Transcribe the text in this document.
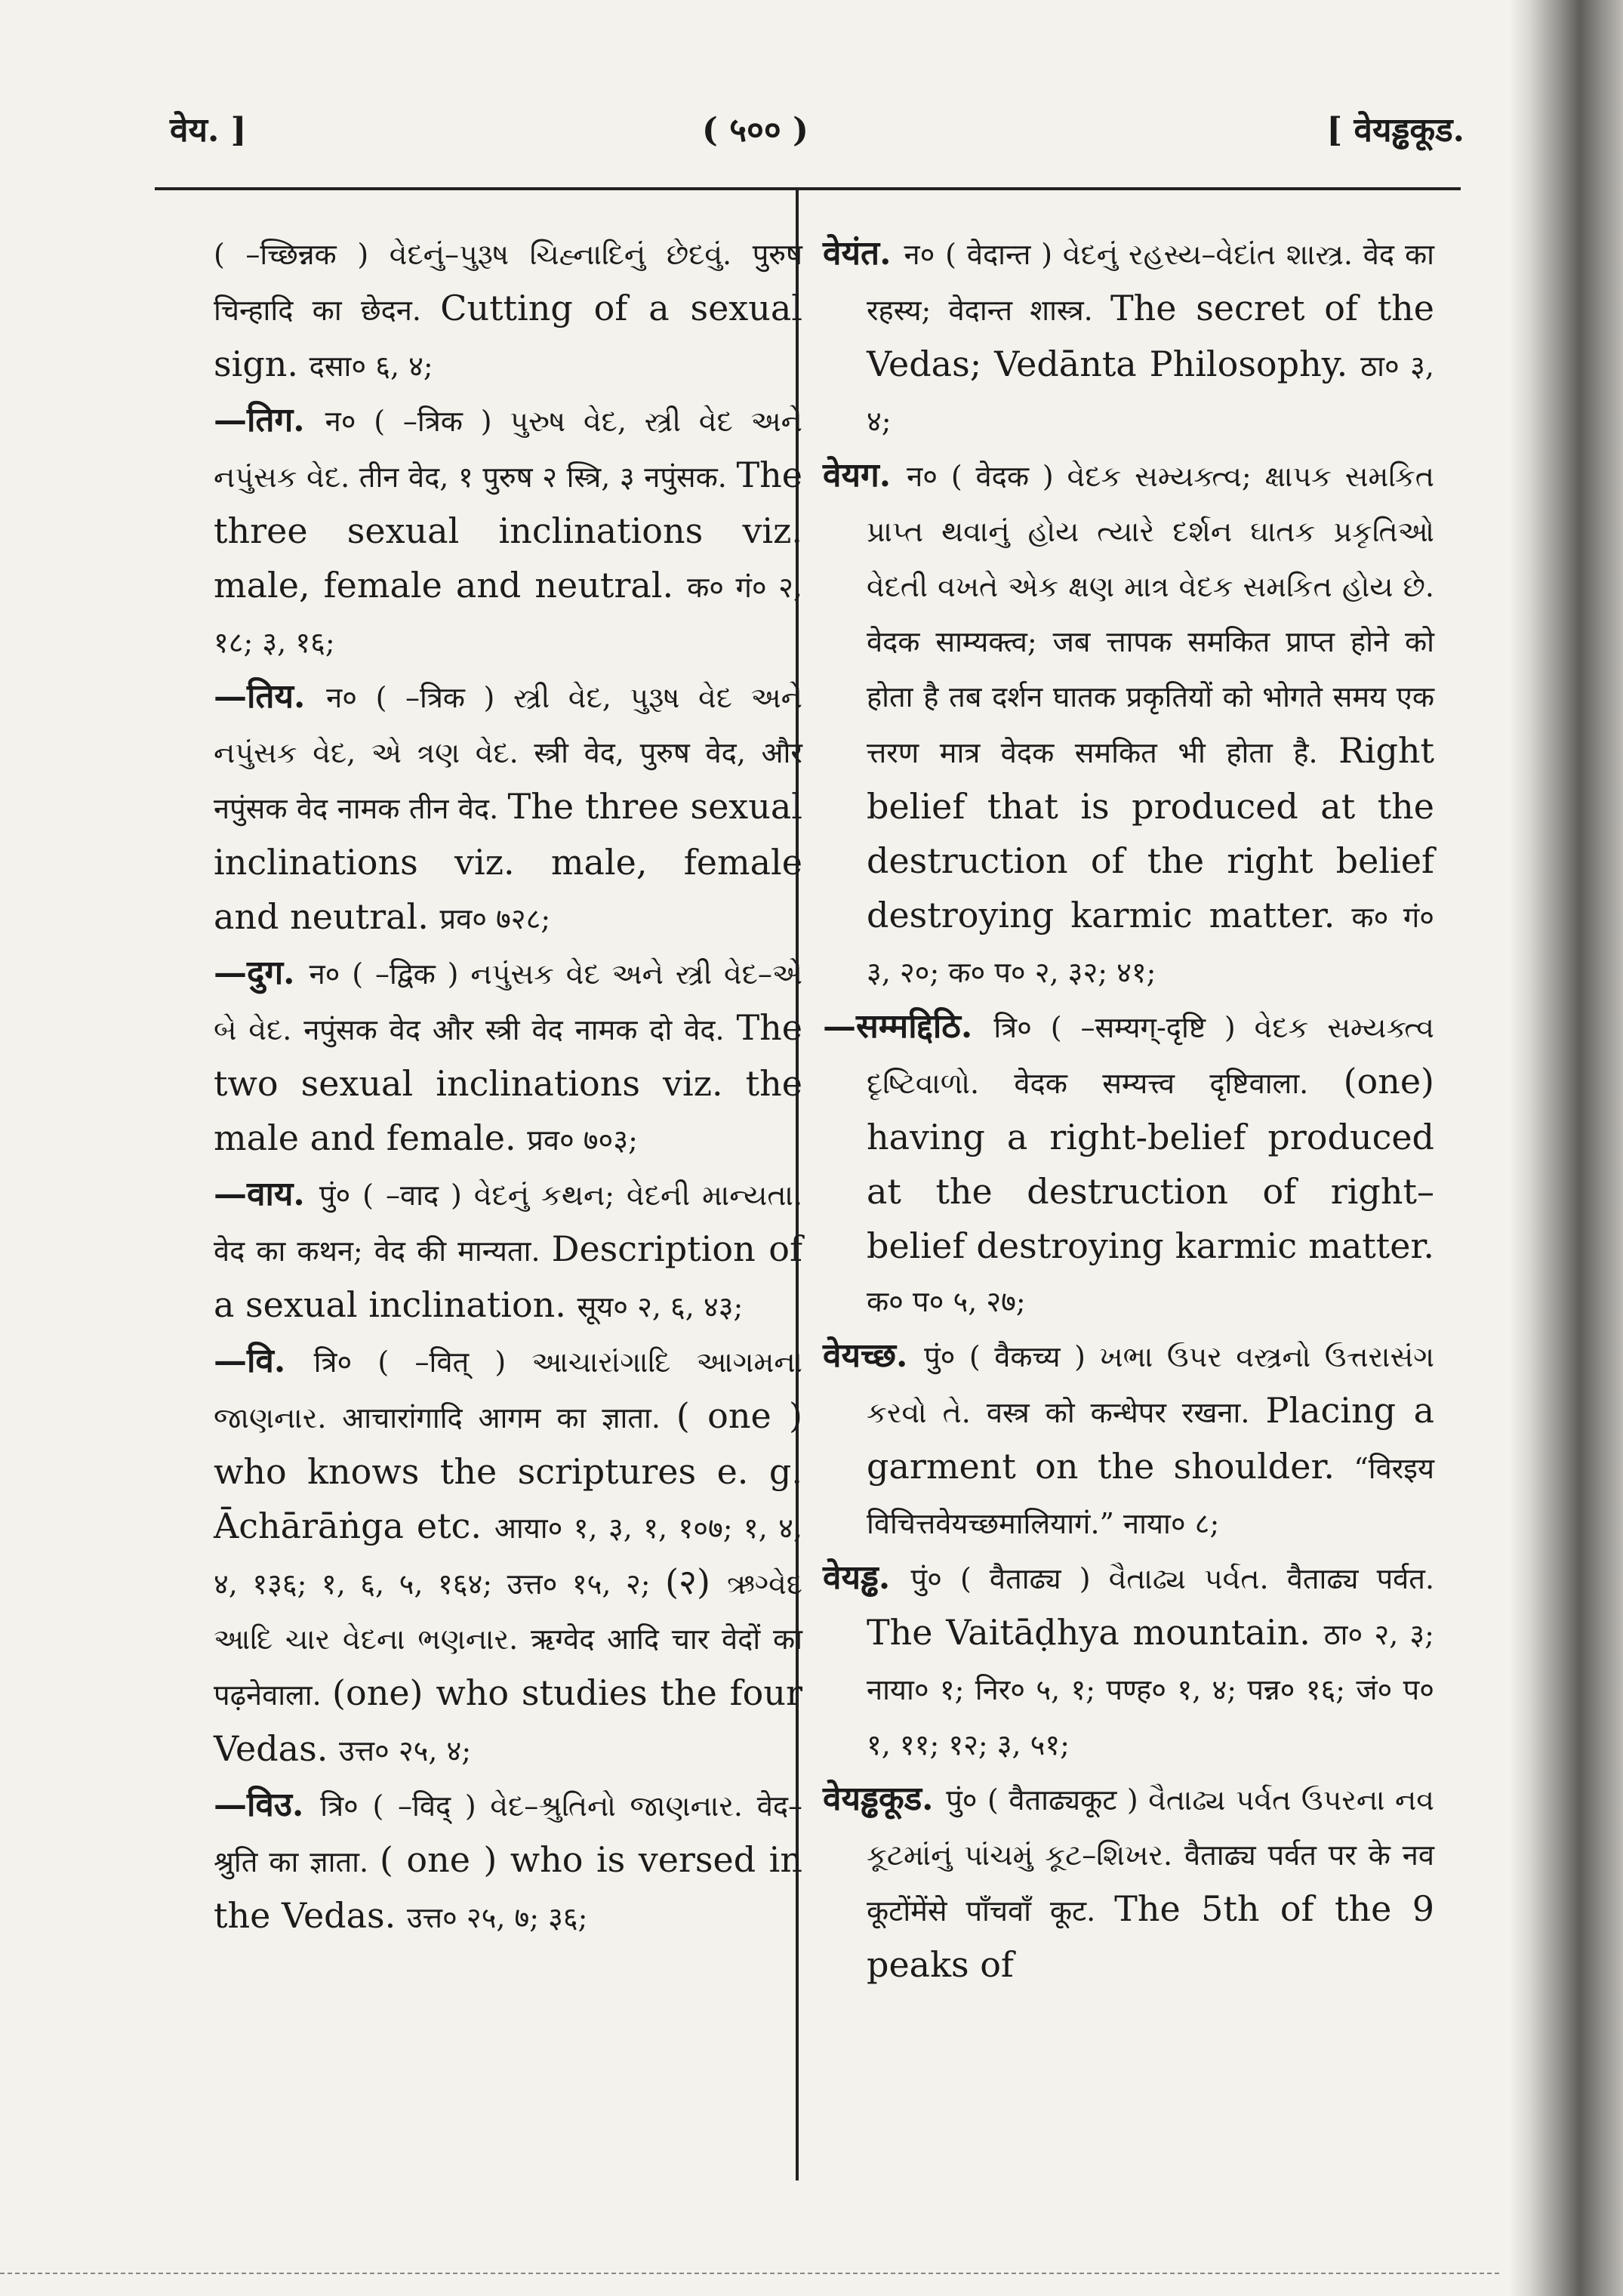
वेय. ]	( ५०० )	[ वेयड्ढकूड.

( –च्छिन्नक ) વેદનું–પુરૂષ ચિહ્નાદિનું છેદવું. पुरुष चिन्हादि का छेदन. Cutting of a sexual sign. दसा० ६, ४;

—तिग. न० ( –त्रिक ) પુરુષ વેદ, સ્ત્રી વેદ અને નપુંસક વેદ. तीन वेद, १ पुरुष २ स्त्रि, ३ नपुंसक. The three sexual inclinations viz. male, female and neutral. क० गं० २, १८; ३, १६;

—तिय. न० ( –त्रिक ) સ્ત્રી વેદ, પુરૂષ વેદ અને નપુંસક વેદ, એ ત્રણ વેદ. स्त्री वेद, पुरुष वेद, और नपुंसक वेद नामक तीन वेद. The three sexual inclinations viz. male, female and neutral. प्रव० ७२८;

—दुग. न० ( –द्विक ) નપુંસક વેદ અને સ્ત્રી વેદ–એ બે વેદ. नपुंसक वेद और स्त्री वेद नामक दो वेद. The two sexual inclinations viz. the male and female. प्रव० ७०३;

—वाय. पुं० ( –वाद ) વેદનું કથન; વેદની માન્યતા. वेद का कथन; वेद की मान्यता. Description of a sexual inclination. सूय० २, ६, ४३;

—वि. त्रि० ( –वित् ) આચારાંગાદિ આગમના જાણનાર. आचारांगादि आगम का ज्ञाता. ( one ) who knows the scriptures e. g. Āchārāṅga etc. आया० १, ३, १, १०७; १, ४, ४, १३६; १, ६, ५, १६४; उत्त० १५, २; (२) ઋગ્વેદ આદિ ચાર વેદના ભણનાર. ऋग्वेद आदि चार वेदों का पढ़नेवाला. (one) who studies the four Vedas. उत्त० २५, ४;

—विउ. त्रि० ( –विद् ) વેદ–શ્રુતિનો જાણનાર. वेद–श्रुति का ज्ञाता. ( one ) who is versed in the Vedas. उत्त० २५, ७; ३६;

वेयंत. न० ( वेदान्त ) વેદનું રહસ્ય–વેદાંત શાસ્ત્ર. वेद का रहस्य; वेदान्त शास्त्र. The secret of the Vedas; Vedānta Philosophy. ठा० ३, ४;

वेयग. न० ( वेदक ) વેદક સમ્યક્ત્વ; ક્ષાપક સમકિત પ્રાપ્ત થવાનું હોય ત્યારે દર્શન ઘાતક પ્રકૃતિઓ વેદતી વખતે એક ક્ષણ માત્ર વેદક સમકિત હોય છે. वेदक साम्यक्त्व; जब त्तापक समकित प्राप्त होने को होता है तब दर्शन घातक प्रकृतियों को भोगते समय एक त्तरण मात्र वेदक समकित भी होता है. Right belief that is produced at the destruction of the right belief destroying karmic matter. क० गं० ३, २०; क० प० २, ३२; ४१;

—सम्मद्दिठि. त्रि० ( –सम्यग्-दृष्टि ) વેદક સમ્યક્ત્વ દૃષ્ટિવાળો. वेदक सम्यत्त्व दृष्टिवाला. (one) having a right-belief produced at the destruction of right–belief destroying karmic matter. क० प० ५, २७;

वेयच्छ. पुं० ( वैकच्य ) ખભા ઉપર વસ્ત્રનો ઉત્તરાસંગ કરવો તે. वस्त्र को कन्धेपर रखना. Placing a garment on the shoulder. “विरइय विचित्तवेयच्छमालियागं.” नाया० ८;

वेयड्ढ. पुं० ( वैताढ्य ) વૈતાઢ્ય પર્વત. वैताढ्य पर्वत. The Vaitāḍhya mountain. ठा० २, ३; नाया० १; निर० ५, १; पण्ह० १, ४; पन्न० १६; जं० प० १, ११; १२; ३, ५१;

वेयड्ढकूड. पुं० ( वैताढ्यकूट ) વૈતાઢ્ય પર્વત ઉપરના નવ કૂટમાંનું પાંચમું કૂટ–શિખર. वैताढ्य पर्वत पर के नव कूटोंमेंसे पाँचवाँ कूट. The 5th of the 9 peaks of
